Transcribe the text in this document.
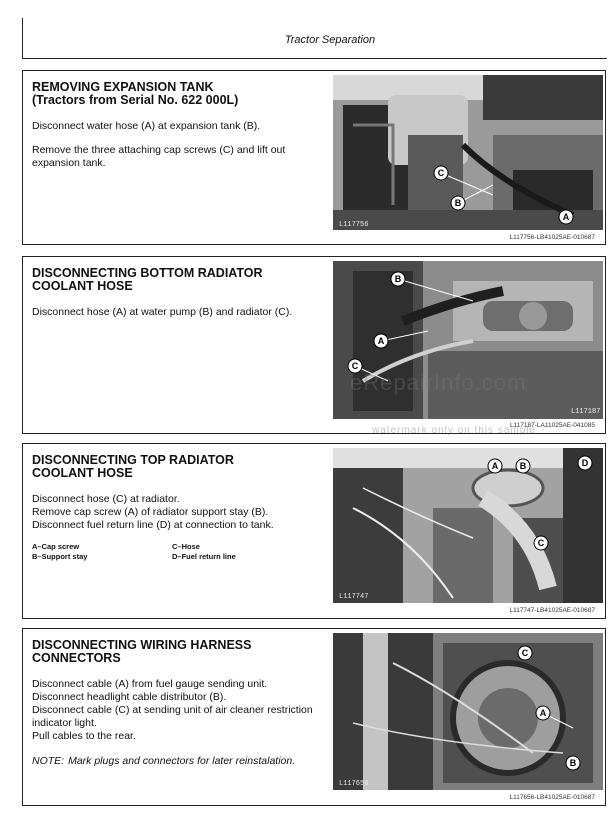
Tractor Separation
REMOVING EXPANSION TANK
(Tractors from Serial No. 622 000L)

Disconnect water hose (A) at expansion tank (B).

Remove the three attaching cap screws (C) and lift out expansion tank.

L117756
C
B
A
L117756-LB41025AE-010687
DISCONNECTING BOTTOM RADIATOR
COOLANT HOSE

Disconnect hose (A) at water pump (B) and radiator (C).

L117187
B
A
C
L117187-LA11025AE-041085
DISCONNECTING TOP RADIATOR
COOLANT HOSE
Disconnect hose (C) at radiator.
Remove cap screw (A) of radiator support stay (B).
Disconnect fuel return line (D) at connection to tank.
A–Cap screw	C–Hose
B–Support stay	D–Fuel return line
L117747
A B	D
C
L117747-LB41025AE-010687
DISCONNECTING WIRING HARNESS
CONNECTORS
Disconnect cable (A) from fuel gauge sending unit.
Disconnect headlight cable distributor (B).
Disconnect cable (C) at sending unit of air cleaner restriction indicator light.
Pull cables to the rear.
NOTE: Mark plugs and connectors for later reinstalation.
L117656
C
A
B
L117656-LB41025AE-010687
eRepairInfo.com
watermark only on this sample
